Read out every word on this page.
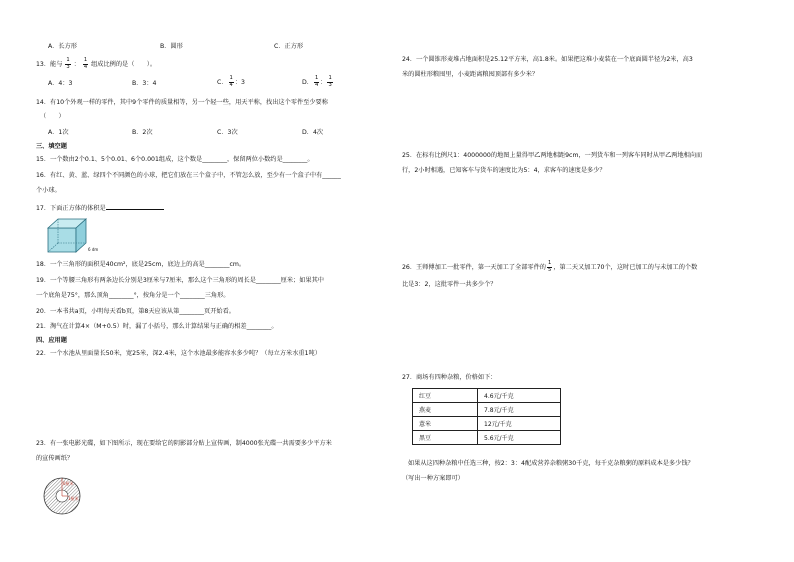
A．长方形	B．圆形	C．正方形
13．能与 $\frac{1}{3}$ ： $\frac{1}{4}$ 组成比例的是（　　）。
A．4：3	B．3：4	C． $\frac{1}{4}$ ：3	D． $\frac{1}{4}$ ： $\frac{1}{3}$
14．有10个外观一样的零件，其中9个零件的质量相等，另一个轻一些，用天平称，找出这个零件至少要称
（　　）
A．1次	B．2次	C．3次	D．4次
三、填空题
15．一个数由2个0.1、5个0.01、6个0.001组成，这个数是________，保留两位小数约是________。
16．有红、黄、蓝、绿四个不同颜色的小球，把它们放在三个盒子中，不管怎么放，至少有一个盒子中有______
个小球。
17．下面正方体的体积是
6 dm
18．一个三角形的面积是40cm²，底是25cm，底边上的高是________cm。
19．一个等腰三角形有两条边长分别是3厘米与7厘米，那么这个三角形的周长是________厘米；如果其中
一个底角是75°，那么顶角________°，按角分是一个________三角形。
20．一本书共a页，小明每天看b页，第8天应该从第________页开始看。
21．淘气在计算4×（M+0.5）时，漏了小括号，那么计算结果与正确的相差________。
四、应用题
22．一个水池从里面量长50米，宽25米，深2.4米，这个水池最多能容水多少吨？（每立方米水重1吨）
23．有一张电影光碟，如下图所示，现在要给它的阴影部分贴上宣传画，制4000张光碟一共需要多少平方米
的宣传画纸？
6厘米
1厘米
24．一个圆锥形麦堆占地面积是25.12平方米，高1.8米。如果把这堆小麦装在一个底面圆半径为2米，高3
米的圆柱形粮囤里，小麦距离粮囤顶部有多少米？
25．在标有比例尺1：4000000的地图上量得甲乙两地相距9cm，一列货车和一列客车同时从甲乙两地相向而
行，2小时相遇，已知客车与货车的速度比为5：4，求客车的速度是多少？
26．王师傅加工一批零件，第一天加工了全部零件的 $\frac{1}{5}$ ，第二天又加工70个，这时已加工的与未加工的个数
比是3：2，这批零件一共多少个？
27．商场有四种杂粮，价格如下：
红豆	4.6元/千克
燕麦	7.8元/千克
薏米	12元/千克
黑豆	5.6元/千克
如果从这四种杂粮中任选三种，按2：3：4配成营养杂粮粥30千克，每千克杂粮粥的原料成本是多少钱？
（写出一种方案即可）
